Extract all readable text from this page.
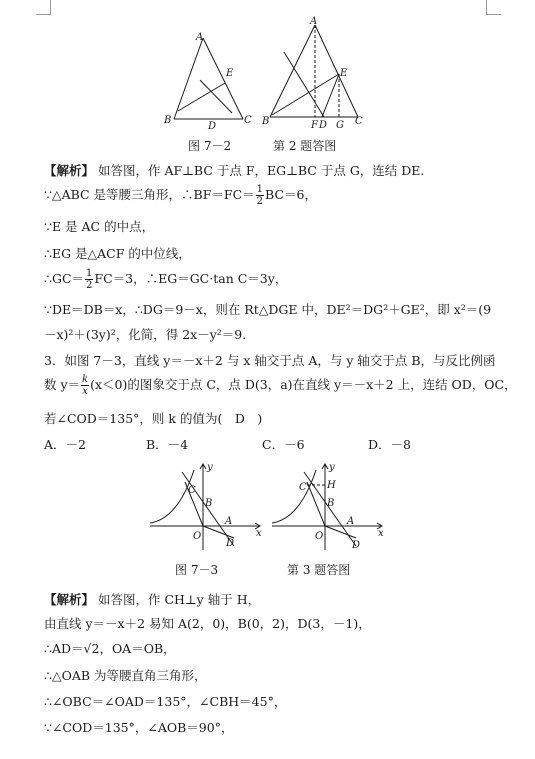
A
E
B
D
C
图 7－2
A
E
B	F D G C
第 2 题答图
【解析】 如答图，作 AF⊥BC 于点 F，EG⊥BC 于点 G，连结 DE.
∵△ABC 是等腰三角形，∴BF＝FC＝ $\frac{1}{2} BC=6$，
∵E 是 AC 的中点，
∴EG 是△ACF 的中位线，
∴GC＝ $\frac{1}{2} FC=3$，∴EG＝GC·tan C＝3y，
∵DE＝DB＝x，∴DG＝9－x，则在 Rt△DGE 中，DE²＝DG²＋GE²，即 x²＝(9
－x)²＋(3y)²，化简，得 2x－y²＝9.
3．如图 7－3，直线 y＝－x＋2 与 x 轴交于点 A，与 y 轴交于点 B，与反比例函
数 $y= \frac{k}{x} (x<0)$的图象交于点 C，点 D(3，a)在直线 y＝－x＋2 上，连结 OD，OC，
若∠COD＝135°，则 k 的值为(　D　)
A．－2	B．－4	C．－6	D．－8
y
C
B
A
O
D
x
图 7－3
y
H
C
B
A
O
D
x
第 3 题答图
【解析】 如答图，作 CH⊥y 轴于 H，
由直线 y＝－x＋2 易知 A(2，0)，B(0，2)，D(3，－1)，
∴AD＝√2，OA＝OB，
∴△OAB 为等腰直角三角形，
∴∠OBC＝∠OAD＝135°，∠CBH＝45°，
∵∠COD＝135°，∠AOB＝90°，
